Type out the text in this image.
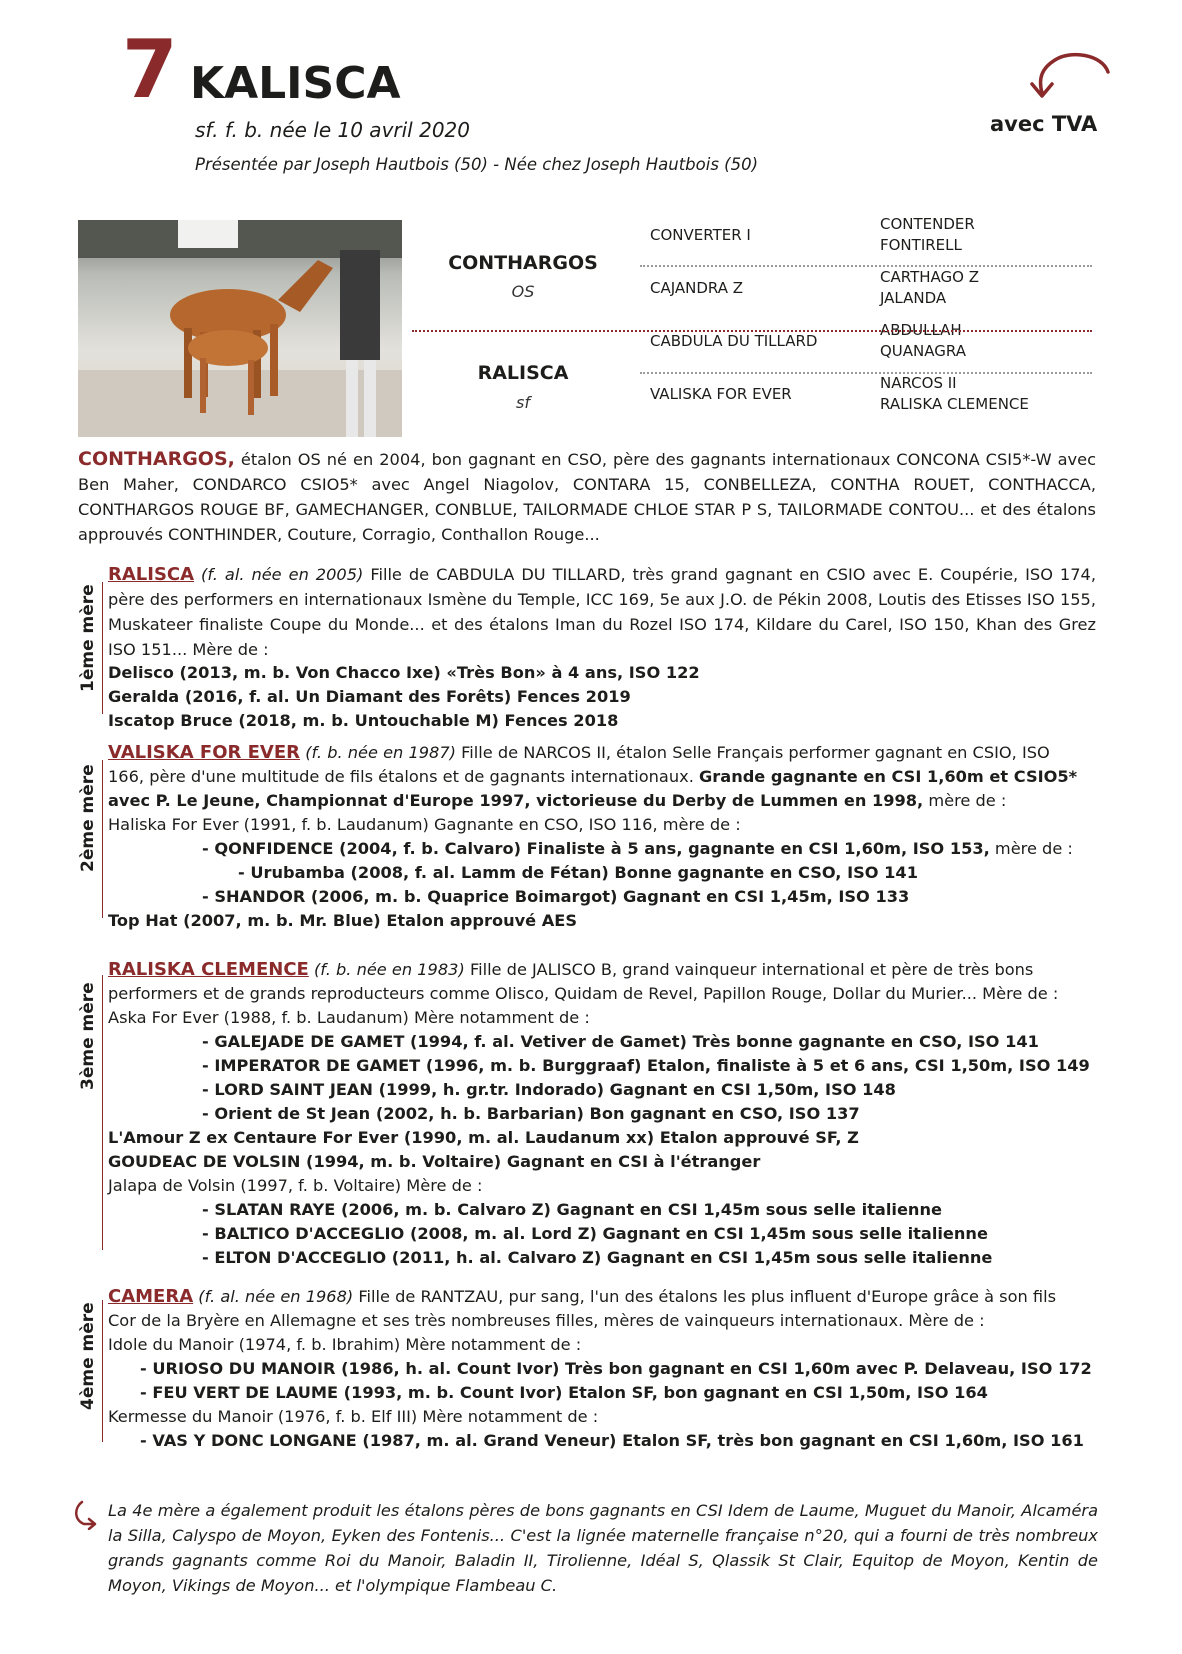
7 KALISCA
sf. f. b. née le 10 avril 2020
Présentée par Joseph Hautbois (50) - Née chez Joseph Hautbois (50)
avec TVA
CONTHARGOS
OS
RALISCA
sf
CONVERTER I
CAJANDRA Z
CABDULA DU TILLARD
VALISKA FOR EVER
CONTENDER
FONTIRELL
CARTHAGO Z
JALANDA
ABDULLAH
QUANAGRA
NARCOS II
RALISKA CLEMENCE
CONTHARGOS, étalon OS né en 2004, bon gagnant en CSO, père des gagnants internationaux CONCONA CSI5*-W avec Ben Maher, CONDARCO CSIO5* avec Angel Niagolov, CONTARA 15, CONBELLEZA, CONTHA ROUET, CONTHACCA, CONTHARGOS ROUGE BF, GAMECHANGER, CONBLUE, TAILORMADE CHLOE STAR P S, TAILORMADE CONTOU... et des étalons approuvés CONTHINDER, Couture, Corragio, Conthallon Rouge...
1ème mère
RALISCA (f. al. née en 2005) Fille de CABDULA DU TILLARD, très grand gagnant en CSIO avec E. Coupérie, ISO 174, père des performers en internationaux Ismène du Temple, ICC 169, 5e aux J.O. de Pékin 2008, Loutis des Etisses ISO 155, Muskateer finaliste Coupe du Monde... et des étalons Iman du Rozel ISO 174, Kildare du Carel, ISO 150, Khan des Grez ISO 151... Mère de :
Delisco (2013, m. b. Von Chacco Ixe) «Très Bon» à 4 ans, ISO 122
Geralda (2016, f. al. Un Diamant des Forêts) Fences 2019
Iscatop Bruce (2018, m. b. Untouchable M) Fences 2018
2ème mère
VALISKA FOR EVER (f. b. née en 1987) Fille de NARCOS II, étalon Selle Français performer gagnant en CSIO, ISO
166, père d'une multitude de fils étalons et de gagnants internationaux. Grande gagnante en CSI 1,60m et CSIO5*
avec P. Le Jeune, Championnat d'Europe 1997, victorieuse du Derby de Lummen en 1998, mère de :
Haliska For Ever (1991, f. b. Laudanum) Gagnante en CSO, ISO 116, mère de :
- QONFIDENCE (2004, f. b. Calvaro) Finaliste à 5 ans, gagnante en CSI 1,60m, ISO 153, mère de :
- Urubamba (2008, f. al. Lamm de Fétan) Bonne gagnante en CSO, ISO 141
- SHANDOR (2006, m. b. Quaprice Boimargot) Gagnant en CSI 1,45m, ISO 133
Top Hat (2007, m. b. Mr. Blue) Etalon approuvé AES
3ème mère
RALISKA CLEMENCE (f. b. née en 1983) Fille de JALISCO B, grand vainqueur international et père de très bons
performers et de grands reproducteurs comme Olisco, Quidam de Revel, Papillon Rouge, Dollar du Murier... Mère de :
Aska For Ever (1988, f. b. Laudanum) Mère notamment de :
- GALEJADE DE GAMET (1994, f. al. Vetiver de Gamet) Très bonne gagnante en CSO, ISO 141
- IMPERATOR DE GAMET (1996, m. b. Burggraaf) Etalon, finaliste à 5 et 6 ans, CSI 1,50m, ISO 149
- LORD SAINT JEAN (1999, h. gr.tr. Indorado) Gagnant en CSI 1,50m, ISO 148
- Orient de St Jean (2002, h. b. Barbarian) Bon gagnant en CSO, ISO 137
L'Amour Z ex Centaure For Ever (1990, m. al. Laudanum xx) Etalon approuvé SF, Z
GOUDEAC DE VOLSIN (1994, m. b. Voltaire) Gagnant en CSI à l'étranger
Jalapa de Volsin (1997, f. b. Voltaire) Mère de :
- SLATAN RAYE (2006, m. b. Calvaro Z) Gagnant en CSI 1,45m sous selle italienne
- BALTICO D'ACCEGLIO (2008, m. al. Lord Z) Gagnant en CSI 1,45m sous selle italienne
- ELTON D'ACCEGLIO (2011, h. al. Calvaro Z) Gagnant en CSI 1,45m sous selle italienne
4ème mère
CAMERA (f. al. née en 1968) Fille de RANTZAU, pur sang, l'un des étalons les plus influent d'Europe grâce à son fils
Cor de la Bryère en Allemagne et ses très nombreuses filles, mères de vainqueurs internationaux. Mère de :
Idole du Manoir (1974, f. b. Ibrahim) Mère notamment de :
- URIOSO DU MANOIR (1986, h. al. Count Ivor) Très bon gagnant en CSI 1,60m avec P. Delaveau, ISO 172
- FEU VERT DE LAUME (1993, m. b. Count Ivor) Etalon SF, bon gagnant en CSI 1,50m, ISO 164
Kermesse du Manoir (1976, f. b. Elf III) Mère notamment de :
- VAS Y DONC LONGANE (1987, m. al. Grand Veneur) Etalon SF, très bon gagnant en CSI 1,60m, ISO 161
La 4e mère a également produit les étalons pères de bons gagnants en CSI Idem de Laume, Muguet du Manoir, Alcaméra la Silla, Calyspo de Moyon, Eyken des Fontenis... C'est la lignée maternelle française n°20, qui a fourni de très nombreux grands gagnants comme Roi du Manoir, Baladin II, Tirolienne, Idéal S, Qlassik St Clair, Equitop de Moyon, Kentin de Moyon, Vikings de Moyon... et l'olympique Flambeau C.
